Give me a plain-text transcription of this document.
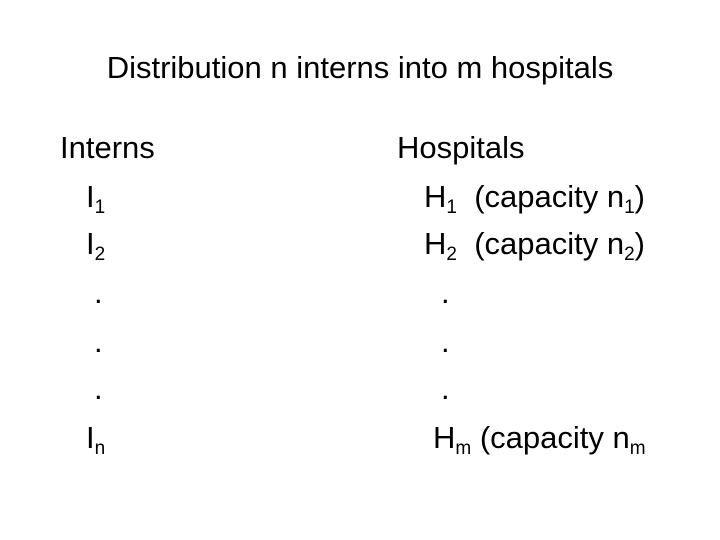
Distribution n interns into m hospitals
Interns
$I_1$
$I_2$
.
.
.
$I_n$
Hospitals
$H_1$  (capacity $n_1$)
$H_2$  (capacity $n_2$)
.
.
.
$H_m$ (capacity $n_m$
